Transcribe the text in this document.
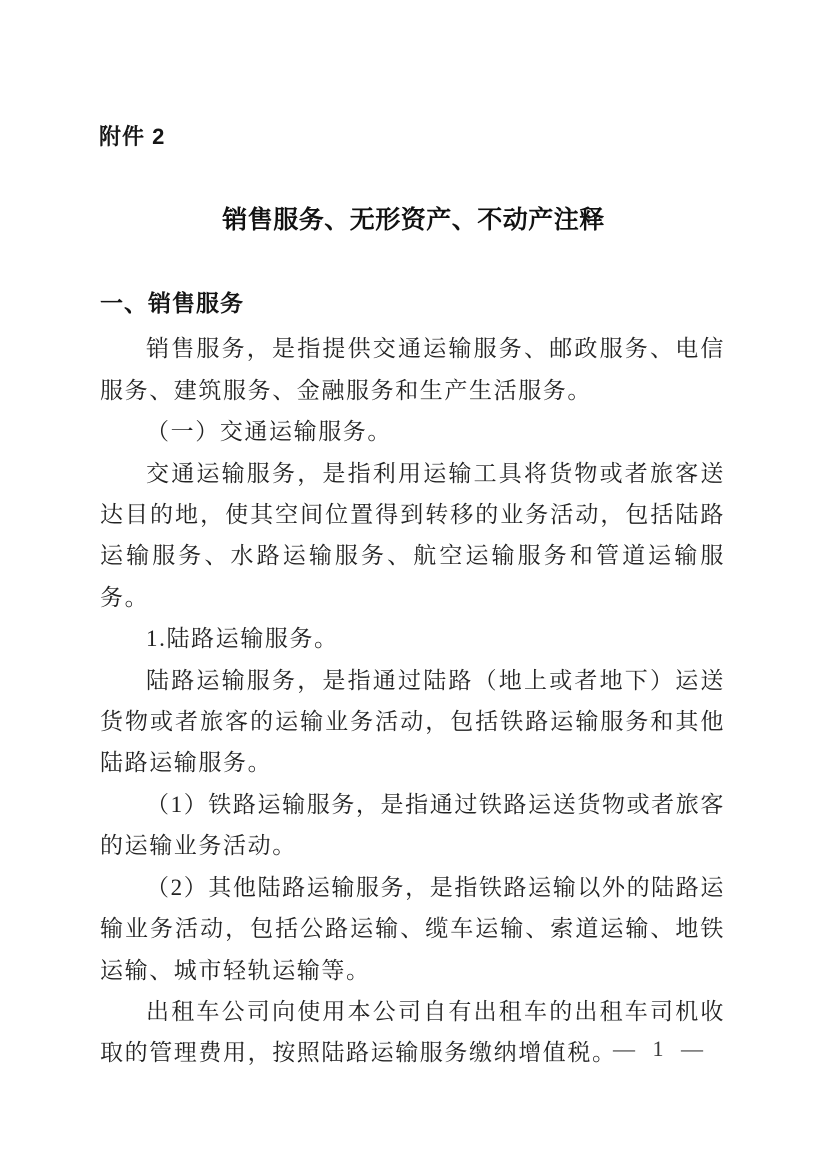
附件 2
销售服务、无形资产、不动产注释
一、销售服务

销售服务，是指提供交通运输服务、邮政服务、电信服务、建筑服务、金融服务和生产生活服务。

（一）交通运输服务。

交通运输服务，是指利用运输工具将货物或者旅客送达目的地，使其空间位置得到转移的业务活动，包括陆路运输服务、水路运输服务、航空运输服务和管道运输服务。

1.陆路运输服务。

陆路运输服务，是指通过陆路（地上或者地下）运送货物或者旅客的运输业务活动，包括铁路运输服务和其他陆路运输服务。

（1）铁路运输服务，是指通过铁路运送货物或者旅客的运输业务活动。

（2）其他陆路运输服务，是指铁路运输以外的陆路运输业务活动，包括公路运输、缆车运输、索道运输、地铁运输、城市轻轨运输等。

出租车公司向使用本公司自有出租车的出租车司机收取的管理费用，按照陆路运输服务缴纳增值税。

— 1 —
